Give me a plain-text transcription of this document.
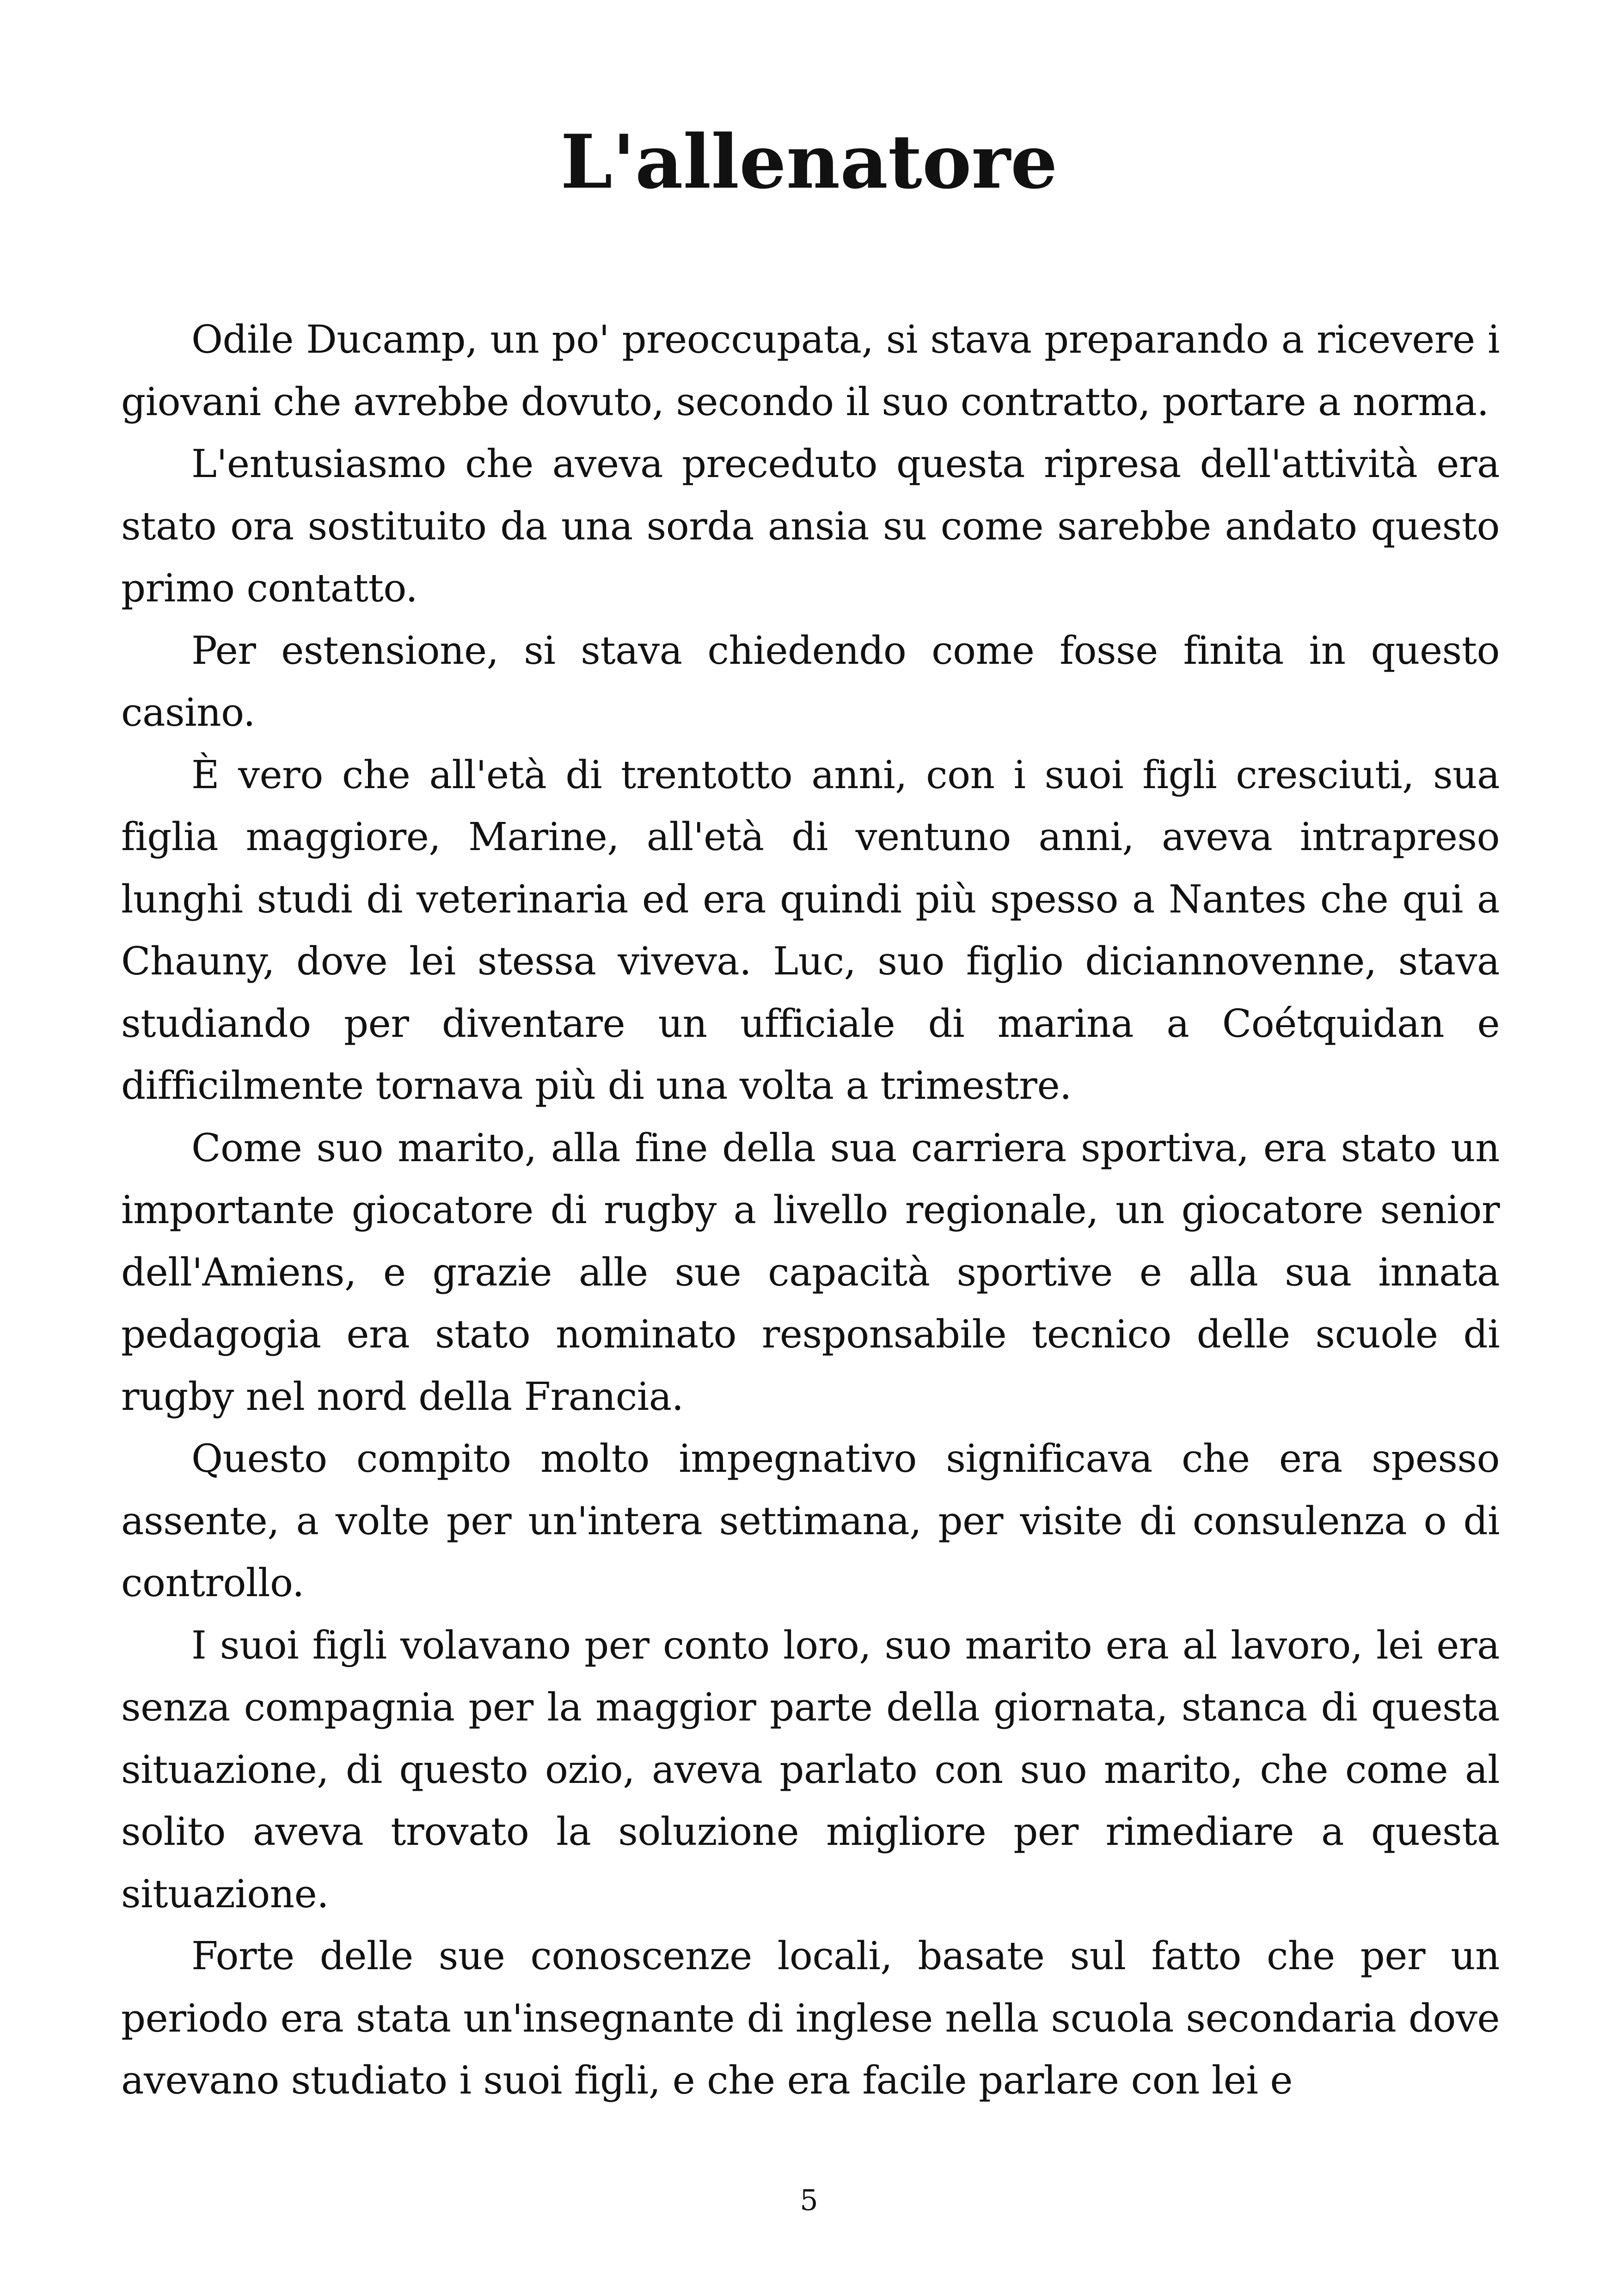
L'allenatore

Odile Ducamp, un po' preoccupata, si stava preparando a ricevere i giovani che avrebbe dovuto, secondo il suo contratto, portare a norma.

L'entusiasmo che aveva preceduto questa ripresa dell'attività era stato ora sostituito da una sorda ansia su come sarebbe andato questo primo contatto.

Per estensione, si stava chiedendo come fosse finita in questo casino.

È vero che all'età di trentotto anni, con i suoi figli cresciuti, sua figlia maggiore, Marine, all'età di ventuno anni, aveva intrapreso lunghi studi di veterinaria ed era quindi più spesso a Nantes che qui a Chauny, dove lei stessa viveva. Luc, suo figlio diciannovenne, stava studiando per diventare un ufficiale di marina a Coétquidan e difficilmente tornava più di una volta a trimestre.

Come suo marito, alla fine della sua carriera sportiva, era stato un importante giocatore di rugby a livello regionale, un giocatore senior dell'Amiens, e grazie alle sue capacità sportive e alla sua innata pedagogia era stato nominato responsabile tecnico delle scuole di rugby nel nord della Francia.

Questo compito molto impegnativo significava che era spesso assente, a volte per un'intera settimana, per visite di consulenza o di controllo.

I suoi figli volavano per conto loro, suo marito era al lavoro, lei era senza compagnia per la maggior parte della giornata, stanca di questa situazione, di questo ozio, aveva parlato con suo marito, che come al solito aveva trovato la soluzione migliore per rimediare a questa situazione.

Forte delle sue conoscenze locali, basate sul fatto che per un periodo era stata un'insegnante di inglese nella scuola secondaria dove avevano studiato i suoi figli, e che era facile parlare con lei e

5
